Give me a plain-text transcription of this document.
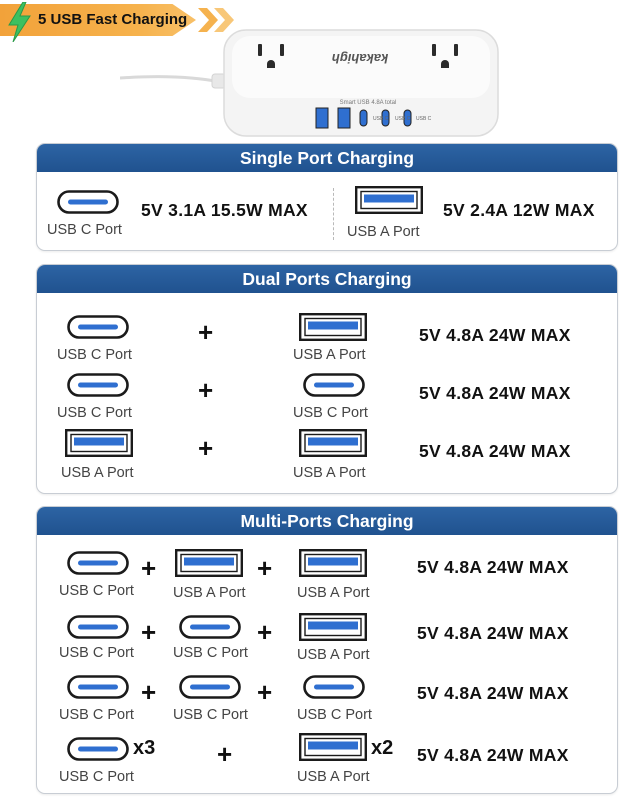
5 USB Fast Charging
kakahigh
Smart USB 4.8A total
USB C USB C USB C
Single Port Charging
USB C Port
5V 3.1A 15.5W MAX
USB A Port
5V 2.4A 12W MAX
Dual Ports Charging
USB C Port
+
USB A Port
5V 4.8A 24W MAX
USB C Port
+
USB C Port
5V 4.8A 24W MAX
USB A Port
+
USB A Port
5V 4.8A 24W MAX
Multi-Ports Charging
USB C Port
+
USB A Port
+
USB A Port
5V 4.8A 24W MAX
USB C Port
+
USB C Port
+
USB A Port
5V 4.8A 24W MAX
USB C Port
+
USB C Port
+
USB C Port
5V 4.8A 24W MAX
x3
USB C Port
+	x2
USB A Port
5V 4.8A 24W MAX
